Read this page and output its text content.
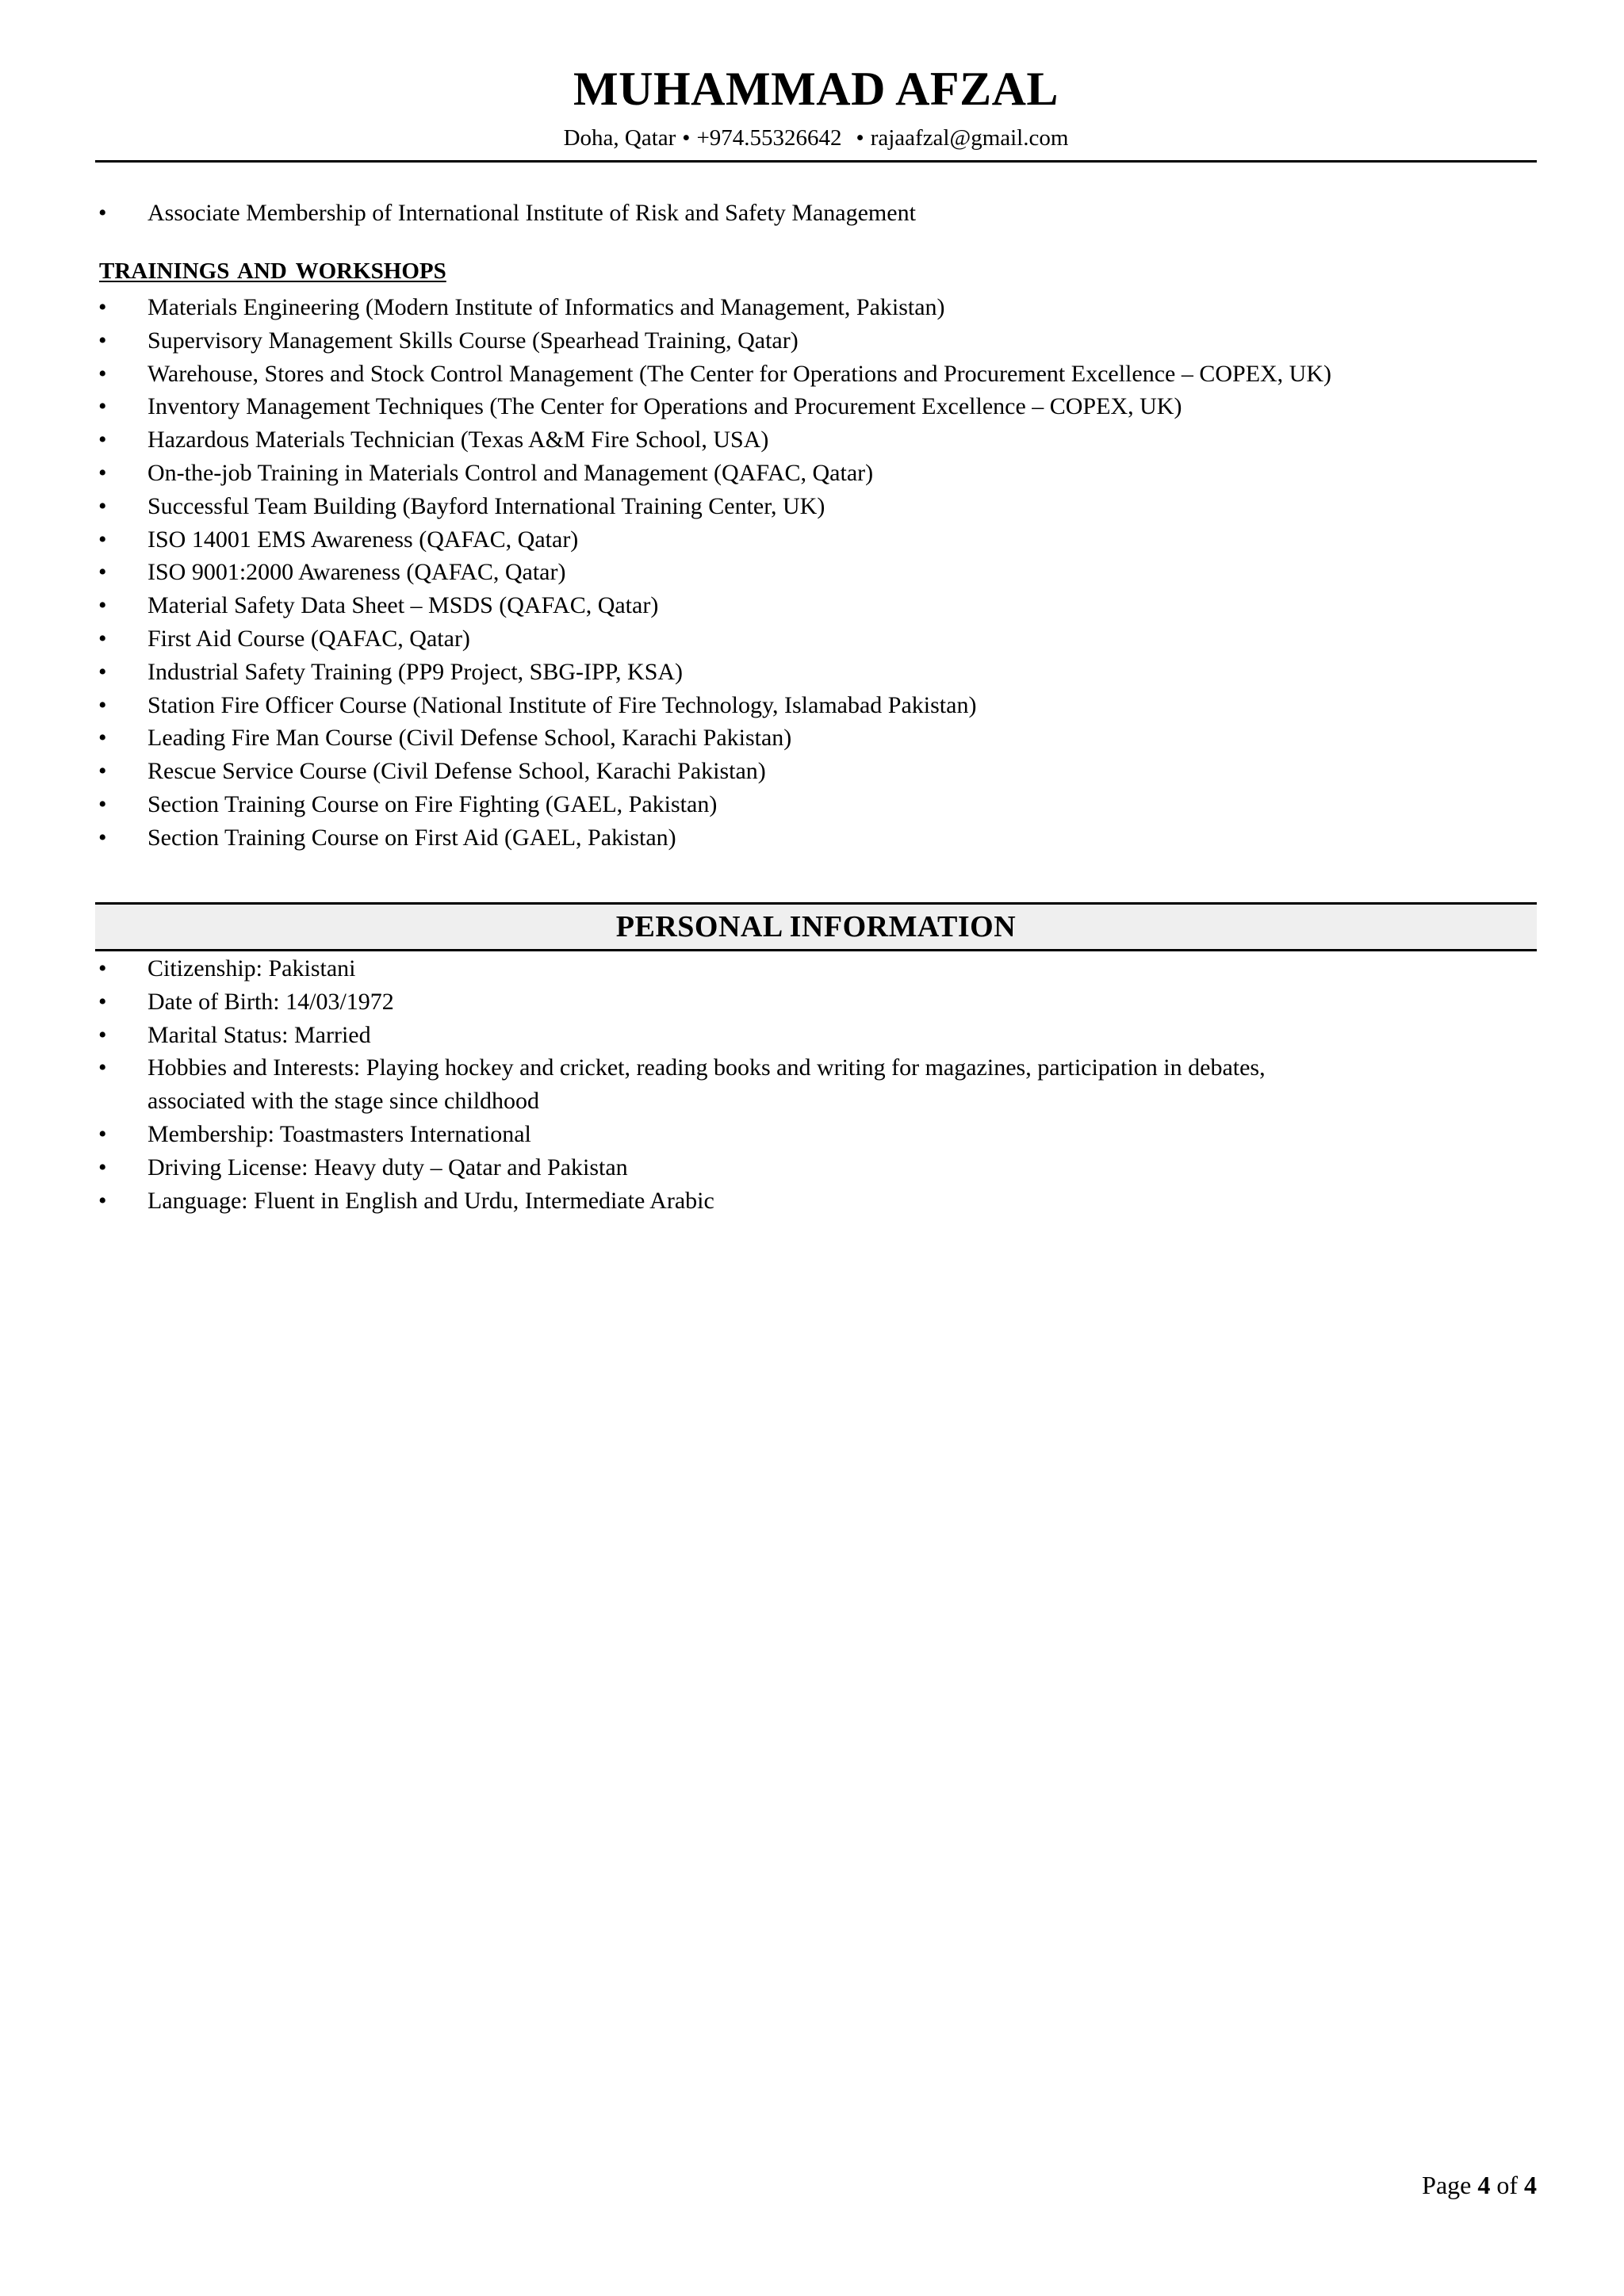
MUHAMMAD AFZAL
Doha, Qatar • +974.55326642 • rajaafzal@gmail.com
• Associate Membership of International Institute of Risk and Safety Management
TRAININGS AND WORKSHOPS
• Materials Engineering (Modern Institute of Informatics and Management, Pakistan)
• Supervisory Management Skills Course (Spearhead Training, Qatar)
• Warehouse, Stores and Stock Control Management (The Center for Operations and Procurement Excellence – COPEX, UK)
• Inventory Management Techniques (The Center for Operations and Procurement Excellence – COPEX, UK)
• Hazardous Materials Technician (Texas A&M Fire School, USA)
• On-the-job Training in Materials Control and Management (QAFAC, Qatar)
• Successful Team Building (Bayford International Training Center, UK)
• ISO 14001 EMS Awareness (QAFAC, Qatar)
• ISO 9001:2000 Awareness (QAFAC, Qatar)
• Material Safety Data Sheet – MSDS (QAFAC, Qatar)
• First Aid Course (QAFAC, Qatar)
• Industrial Safety Training (PP9 Project, SBG-IPP, KSA)
• Station Fire Officer Course (National Institute of Fire Technology, Islamabad Pakistan)
• Leading Fire Man Course (Civil Defense School, Karachi Pakistan)
• Rescue Service Course (Civil Defense School, Karachi Pakistan)
• Section Training Course on Fire Fighting (GAEL, Pakistan)
• Section Training Course on First Aid (GAEL, Pakistan)
PERSONAL INFORMATION
• Citizenship: Pakistani
• Date of Birth: 14/03/1972
• Marital Status: Married
• Hobbies and Interests: Playing hockey and cricket, reading books and writing for magazines, participation in debates,
associated with the stage since childhood
• Membership: Toastmasters International
• Driving License: Heavy duty – Qatar and Pakistan
• Language: Fluent in English and Urdu, Intermediate Arabic
Page 4 of 4
